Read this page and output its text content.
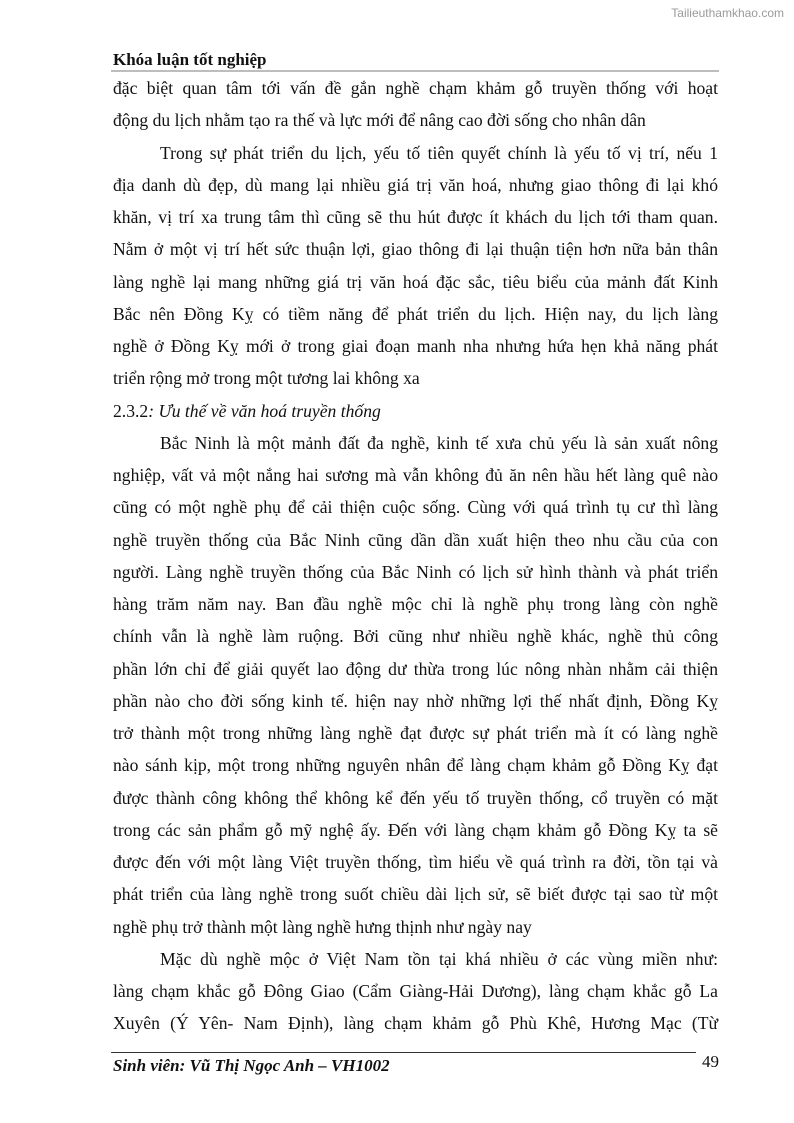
Tailieuthamkhao.com
Khóa luận tốt nghiệp
đặc biệt quan tâm tới vấn đề gắn nghề chạm khảm gỗ truyền thống với hoạt
động du lịch nhằm tạo ra thế và lực mới để nâng cao đời sống cho nhân dân
Trong sự phát triển du lịch, yếu tố tiên quyết chính là yếu tố vị trí, nếu 1
địa danh dù đẹp, dù mang lại nhiều giá trị văn hoá, nhưng giao thông đi lại khó
khăn, vị trí xa trung tâm thì cũng sẽ thu hút được ít khách du lịch tới tham quan.
Nằm ở một vị trí hết sức thuận lợi, giao thông đi lại thuận tiện hơn nữa bản thân
làng nghề lại mang những giá trị văn hoá đặc sắc, tiêu biểu của mảnh đất Kinh
Bắc nên Đồng Kỵ có tiềm năng để phát triển du lịch. Hiện nay, du lịch làng
nghề ở Đồng Kỵ mới ở trong giai đoạn manh nha nhưng hứa hẹn khả năng phát
triển rộng mở trong một tương lai không xa
2.3.2: Ưu thế về văn hoá truyền thống
Bắc Ninh là một mảnh đất đa nghề, kinh tế xưa chủ yếu là sản xuất nông
nghiệp, vất vả một nắng hai sương mà vẫn không đủ ăn nên hầu hết làng quê nào
cũng có một nghề phụ để cải thiện cuộc sống. Cùng với quá trình tụ cư thì làng
nghề truyền thống của Bắc Ninh cũng dần dần xuất hiện theo nhu cầu của con
người. Làng nghề truyền thống của Bắc Ninh có lịch sử hình thành và phát triển
hàng trăm năm nay. Ban đầu nghề mộc chỉ là nghề phụ trong làng còn nghề
chính vẫn là nghề làm ruộng. Bởi cũng như nhiều nghề khác, nghề thủ công
phần lớn chỉ để giải quyết lao động dư thừa trong lúc nông nhàn nhằm cải thiện
phần nào cho đời sống kinh tế. hiện nay nhờ những lợi thế nhất định, Đồng Kỵ
trở thành một trong những làng nghề đạt được sự phát triển mà ít có làng nghề
nào sánh kịp, một trong những nguyên nhân để làng chạm khảm gỗ Đồng Kỵ đạt
được thành công không thể không kể đến yếu tố truyền thống, cổ truyền có mặt
trong các sản phẩm gỗ mỹ nghệ ấy. Đến với làng chạm khảm gỗ Đồng Kỵ ta sẽ
được đến với một làng Việt truyền thống, tìm hiểu về quá trình ra đời, tồn tại và
phát triển của làng nghề trong suốt chiều dài lịch sử, sẽ biết được tại sao từ một
nghề phụ trở thành một làng nghề hưng thịnh như ngày nay
Mặc dù nghề mộc ở Việt Nam tồn tại khá nhiều ở các vùng miền như:
làng chạm khắc gỗ Đông Giao (Cẩm Giàng-Hải Dương), làng chạm khắc gỗ La
Xuyên (Ý Yên- Nam Định), làng chạm khảm gỗ Phù Khê, Hương Mạc (Từ
Sinh viên: Vũ Thị Ngọc Anh – VH1002	49
